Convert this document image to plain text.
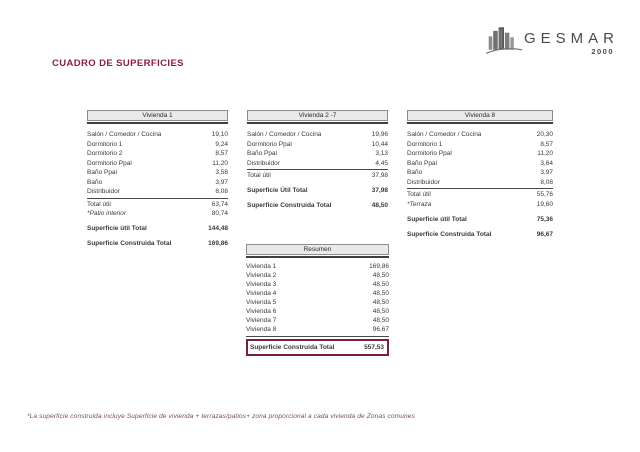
GESMAR
2000
CUADRO DE SUPERFICIES
Vivienda 1
Salón / Comedor / Cocina	19,10
Dormitorio 1	9,24
Dormitorio 2	8,57
Dormitorio Ppal	11,20
Baño Ppal	3,58
Baño	3,97
Distribuidor	8,08
Total útil	63,74
*Patio interior	80,74
Superficie útil Total	144,48
Superficie Construida Total	169,86
Vivienda 2 -7
Salón / Comedor / Cocina	19,96
Dormitorio Ppal	10,44
Baño Ppal	3,13
Distribuidor	4,45
Total útil	37,98
Superficie Útil Total	37,98
Superficie Construida Total	48,50
Vivienda 8
Salón / Comedor / Cocina	20,30
Dormitorio 1	8,57
Dormitorio Ppal	11,20
Baño Ppal	3,64
Baño	3,97
Distribuidor	8,08
Total útil	55,76
*Terraza	19,60
Superficie útil Total	75,36
Superficie Construida Total	96,67
Resumen
Vivienda 1	169,86
Vivienda 2	48,50
Vivienda 3	48,50
Vivienda 4	48,50
Vivienda 5	48,50
Vivienda 6	48,50
Vivienda 7	48,50
Vivienda 8	96,67
Superficie Construida Total	557,53
*La superficie construida incluye Superficie de vivienda + terrazas/patios+ zona proporcional a cada vivienda de Zonas comunes
